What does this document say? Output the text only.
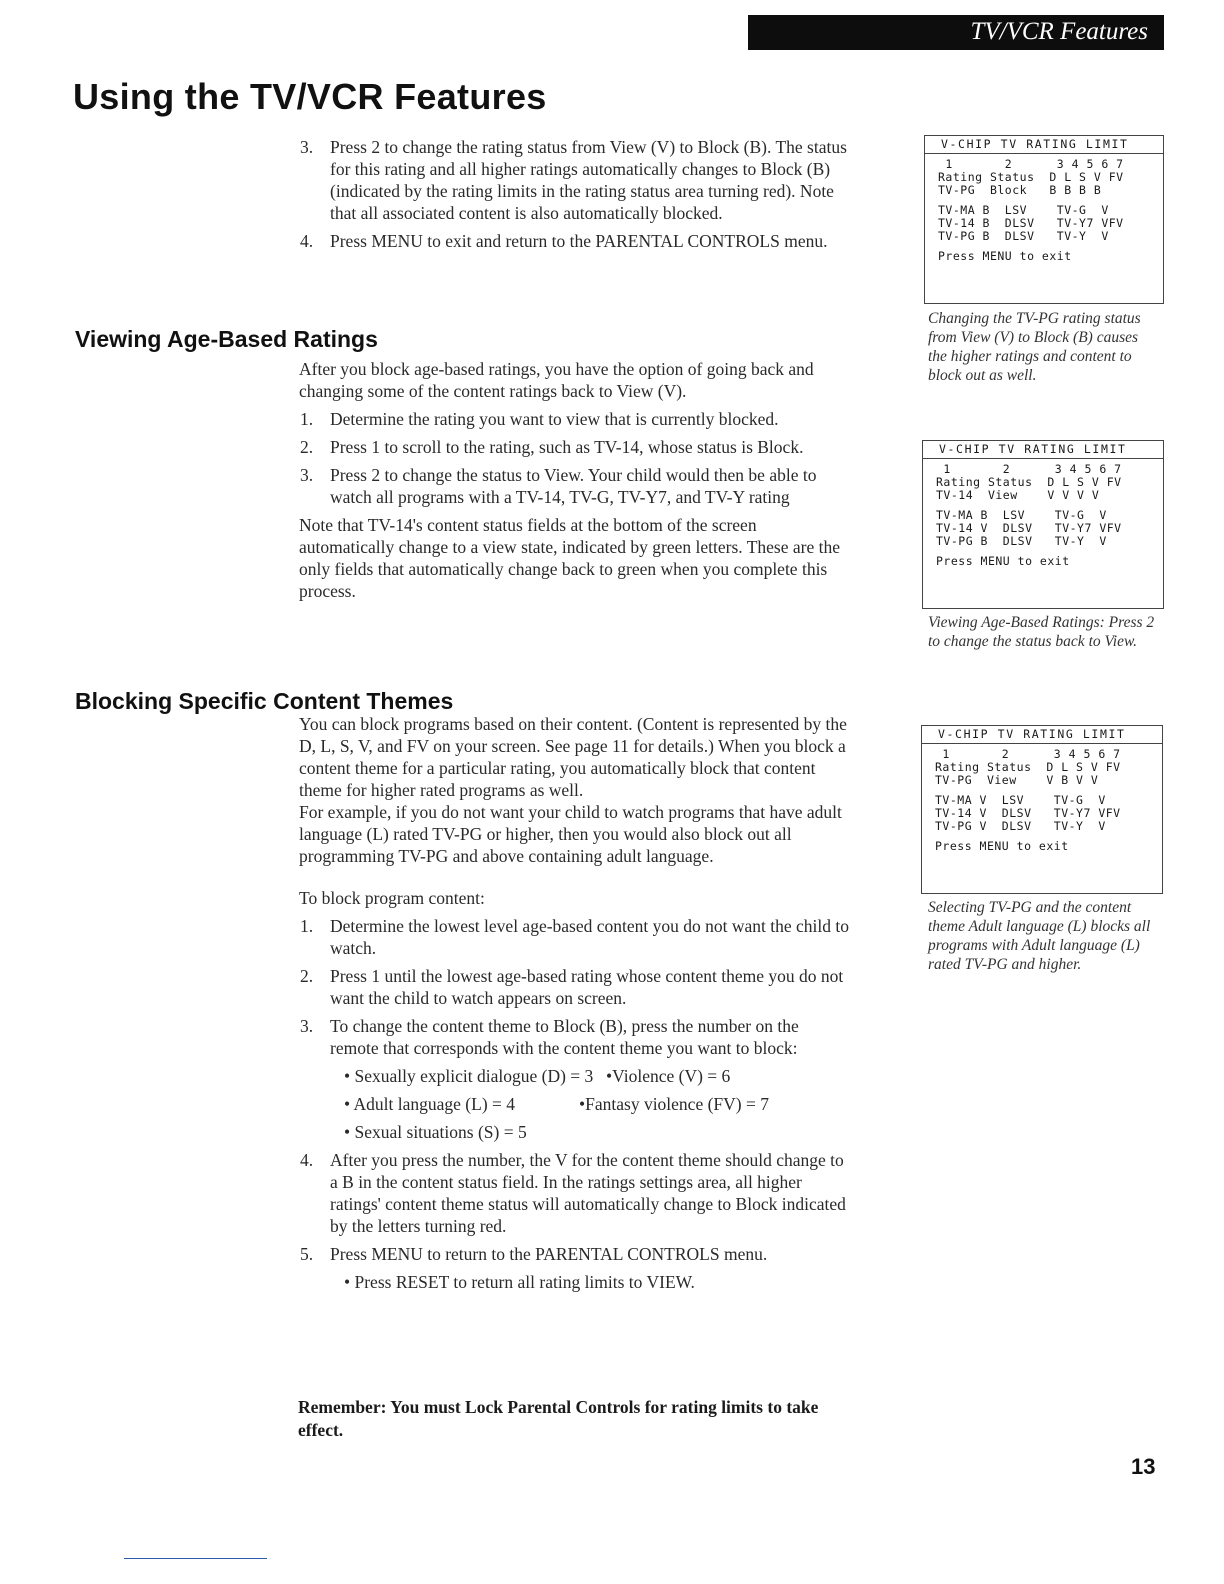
TV/VCR Features
Using the TV/VCR Features
3. Press 2 to change the rating status from View (V) to Block (B). The status for this rating and all higher ratings automatically changes to Block (B) (indicated by the rating limits in the rating status area turning red). Note that all associated content is also automatically blocked.
4. Press MENU to exit and return to the PARENTAL CONTROLS menu.
Viewing Age-Based Ratings

After you block age-based ratings, you have the option of going back and changing some of the content ratings back to View (V).

1. Determine the rating you want to view that is currently blocked.
2. Press 1 to scroll to the rating, such as TV-14, whose status is Block.
3. Press 2 to change the status to View. Your child would then be able to watch all programs with a TV-14, TV-G, TV-Y7, and TV-Y rating

Note that TV-14's content status fields at the bottom of the screen automatically change to a view state, indicated by green letters. These are the only fields that automatically change back to green when you complete this process.

Blocking Specific Content Themes

You can block programs based on their content. (Content is represented by the D, L, S, V, and FV on your screen. See page 11 for details.) When you block a content theme for a particular rating, you automatically block that content theme for higher rated programs as well.

For example, if you do not want your child to watch programs that have adult language (L) rated TV-PG or higher, then you would also block out all programming TV-PG and above containing adult language.

To block program content:

1. Determine the lowest level age-based content you do not want the child to watch.
2. Press 1 until the lowest age-based rating whose content theme you do not want the child to watch appears on screen.
3. To change the content theme to Block (B), press the number on the remote that corresponds with the content theme you want to block:
• Sexually explicit dialogue (D) = 3 •Violence (V) = 6
• Adult language (L) = 4	•Fantasy violence (FV) = 7
• Sexual situations (S) = 5
4. After you press the number, the V for the content theme should change to a B in the content status field. In the ratings settings area, all higher ratings' content theme status will automatically change to Block indicated by the letters turning red.
5. Press MENU to return to the PARENTAL CONTROLS menu.
• Press RESET to return all rating limits to VIEW.
V-CHIP TV RATING LIMIT
1       2      3 4 5 6 7
Rating Status  D L S V FV
TV-PG  Block   B B B B
TV-MA B  LSV    TV-G  V
TV-14 B  DLSV   TV-Y7 VFV
TV-PG B  DLSV   TV-Y  V
Press MENU to exit
Changing the TV-PG rating status from View (V) to Block (B) causes the higher ratings and content to block out as well.
V-CHIP TV RATING LIMIT
1       2      3 4 5 6 7
Rating Status  D L S V FV
TV-14  View    V V V V
TV-MA B  LSV    TV-G  V
TV-14 V  DLSV   TV-Y7 VFV
TV-PG B  DLSV   TV-Y  V
Press MENU to exit
Viewing Age-Based Ratings: Press 2 to change the status back to View.
V-CHIP TV RATING LIMIT
1       2      3 4 5 6 7
Rating Status  D L S V FV
TV-PG  View    V B V V
TV-MA V  LSV    TV-G  V
TV-14 V  DLSV   TV-Y7 VFV
TV-PG V  DLSV   TV-Y  V
Press MENU to exit
Selecting TV-PG and the content theme Adult language (L) blocks all programs with Adult language (L) rated TV-PG and higher.
Remember: You must Lock Parental Controls for rating limits to take effect.
13
